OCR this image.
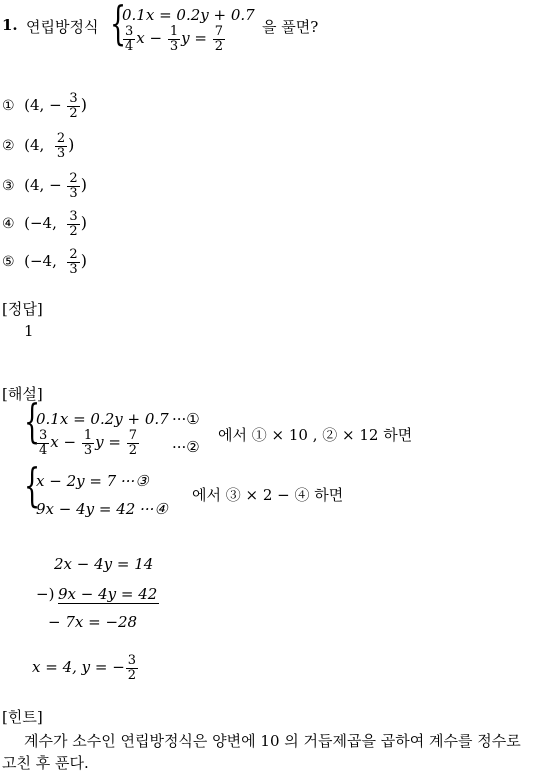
1. 연립방정식 {
0.1x = 0.2y + 0.7
$\frac{3}{4}$ $x - \frac{1}{3}$ $y = \frac{7}{2}$ 을 풀면?
① (4, − $\frac{3}{2}$ )
② (4, $\frac{2}{3}$ )
③ (4, − $\frac{2}{3}$ )
④ (−4, $\frac{3}{2}$ )
⑤ (−4, $\frac{2}{3}$ )
[정답]
1
[해설]
{
0.1x = 0.2y + 0.7
$\frac{3}{4}$ $x - \frac{1}{3}$ $y = \frac{7}{2}$
···①
···②
에서 ① × 10 , ② × 12 하면
{
x − 2y = 7 ···③
9x − 4y = 42 ···④
에서 ③ × 2 − ④ 하면
2x − 4y = 14
−) 9x − 4y = 42
− 7x = −28
x = 4, y = − $\frac{3}{2}$
[힌트]
계수가 소수인 연립방정식은 양변에 10 의 거듭제곱을 곱하여 계수를 정수로
고친 후 푼다.
